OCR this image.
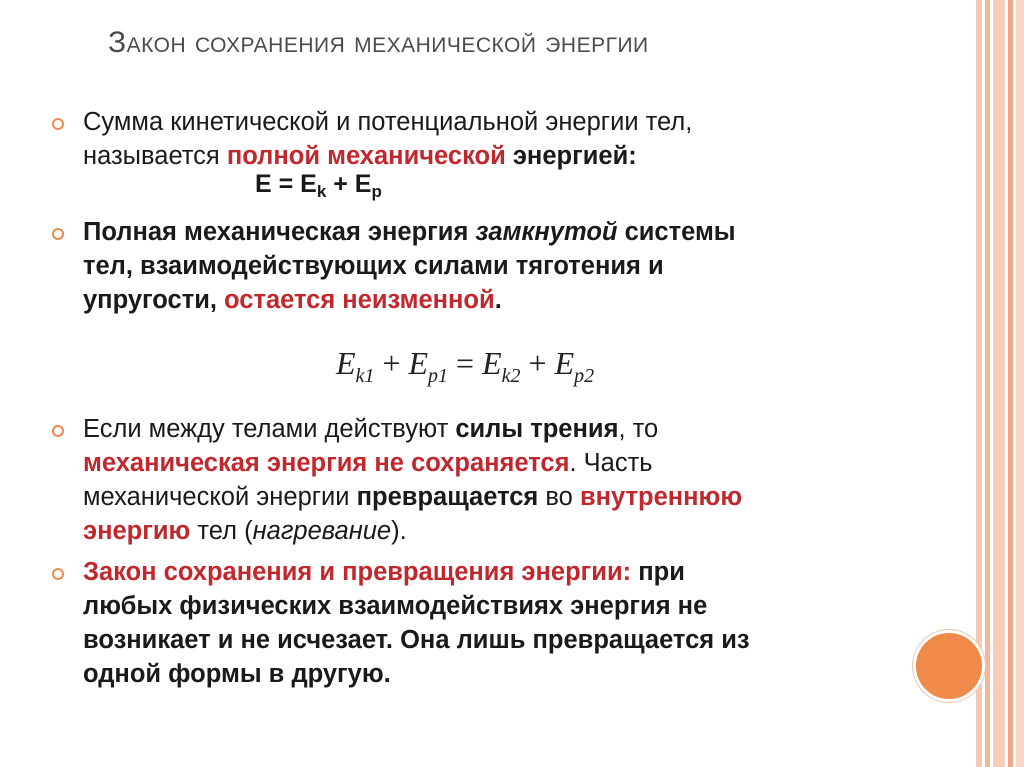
Закон сохранения механической энергии
Сумма кинетической и потенциальной энергии тел,
называется полной механической энергией:
$E = E_k + E_p$
Полная механическая энергия замкнутой системы
тел, взаимодействующих силами тяготения и
упругости, остается неизменной.
$E_{k1} + E_{p1} = E_{k2} + E_{p2}$
Если между телами действуют силы трения, то
механическая энергия не сохраняется. Часть
механической энергии превращается во внутреннюю
энергию тел (нагревание).
Закон сохранения и превращения энергии: при
любых физических взаимодействиях энергия не
возникает и не исчезает. Она лишь превращается из
одной формы в другую.
